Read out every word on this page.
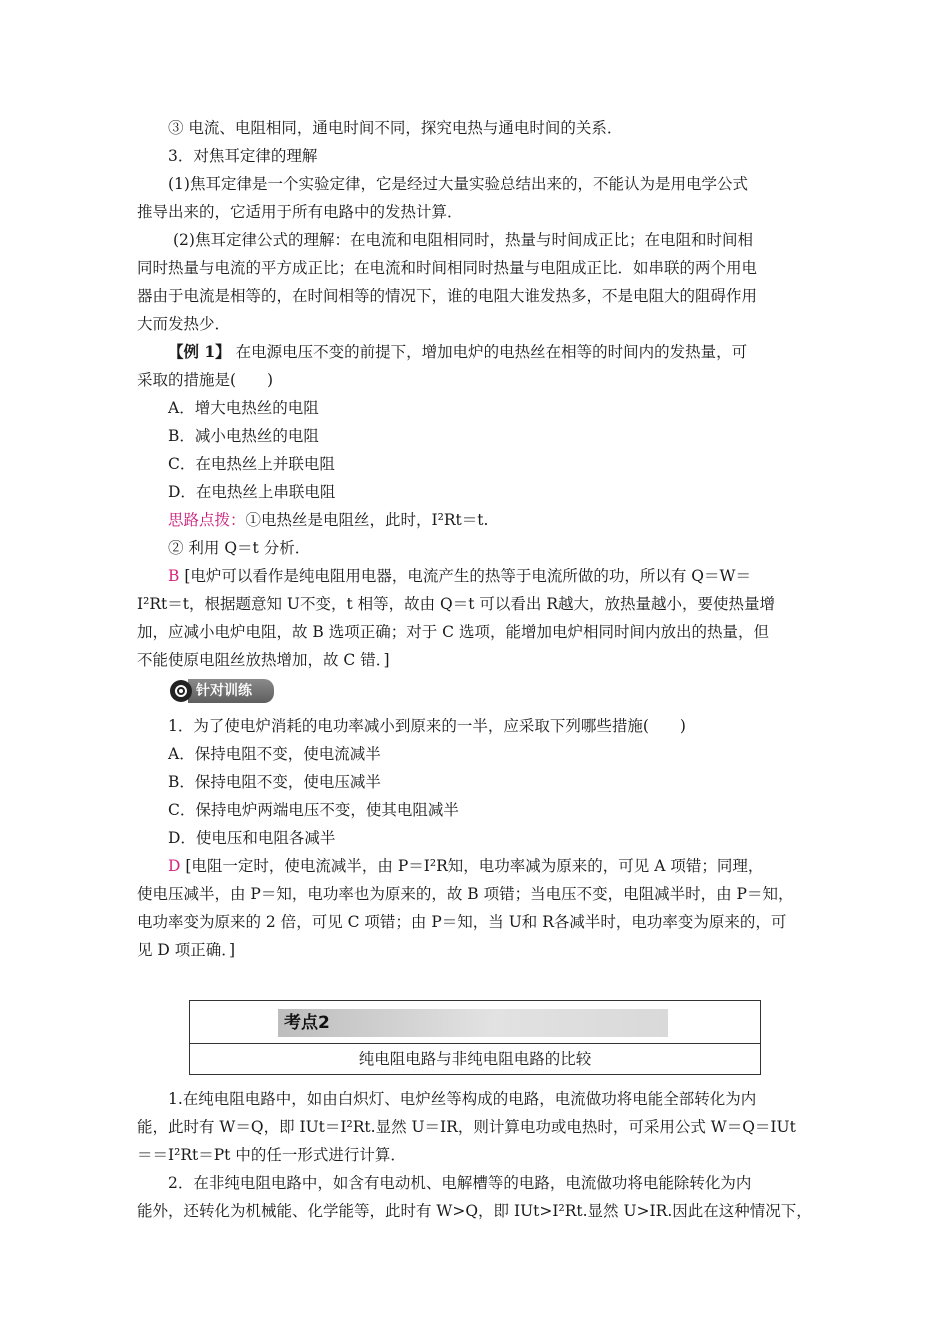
③ 电流、电阻相同，通电时间不同，探究电热与通电时间的关系．
3．对焦耳定律的理解
(1)焦耳定律是一个实验定律，它是经过大量实验总结出来的，不能认为是用电学公式
推导出来的，它适用于所有电路中的发热计算．
(2)焦耳定律公式的理解：在电流和电阻相同时，热量与时间成正比；在电阻和时间相
同时热量与电流的平方成正比；在电流和时间相同时热量与电阻成正比．如串联的两个用电
器由于电流是相等的，在时间相等的情况下，谁的电阻大谁发热多，不是电阻大的阻碍作用
大而发热少．
【例 1】 在电源电压不变的前提下，增加电炉的电热丝在相等的时间内的发热量，可
采取的措施是(　　)
A．增大电热丝的电阻
B．减小电热丝的电阻
C．在电热丝上并联电阻
D．在电热丝上串联电阻
思路点拨：①电热丝是电阻丝，此时，I²Rt＝t.
② 利用 Q＝t 分析．
B [电炉可以看作是纯电阻用电器，电流产生的热等于电流所做的功，所以有 Q＝W＝
I²Rt＝t，根据题意知 U不变，t 相等，故由 Q＝t 可以看出 R越大，放热量越小，要使热量增
加，应减小电炉电阻，故 B 选项正确；对于 C 选项，能增加电炉相同时间内放出的热量，但
不能使原电阻丝放热增加，故 C 错．]
针对训练
1．为了使电炉消耗的电功率减小到原来的一半，应采取下列哪些措施(　　)
A．保持电阻不变，使电流减半
B．保持电阻不变，使电压减半
C．保持电炉两端电压不变，使其电阻减半
D．使电压和电阻各减半
D [电阻一定时，使电流减半，由 P＝I²R知，电功率减为原来的，可见 A 项错；同理，
使电压减半，由 P＝知，电功率也为原来的，故 B 项错；当电压不变，电阻减半时，由 P＝知，
电功率变为原来的 2 倍，可见 C 项错；由 P＝知，当 U和 R各减半时，电功率变为原来的，可
见 D 项正确．]
考点2
纯电阻电路与非纯电阻电路的比较
1.在纯电阻电路中，如由白炽灯、电炉丝等构成的电路，电流做功将电能全部转化为内
能，此时有 W＝Q，即 IUt＝I²Rt.显然 U＝IR，则计算电功或电热时，可采用公式 W＝Q＝IUt
＝＝I²Rt＝Pt 中的任一形式进行计算．
2．在非纯电阻电路中，如含有电动机、电解槽等的电路，电流做功将电能除转化为内
能外，还转化为机械能、化学能等，此时有 W>Q，即 IUt>I²Rt.显然 U>IR.因此在这种情况下，
